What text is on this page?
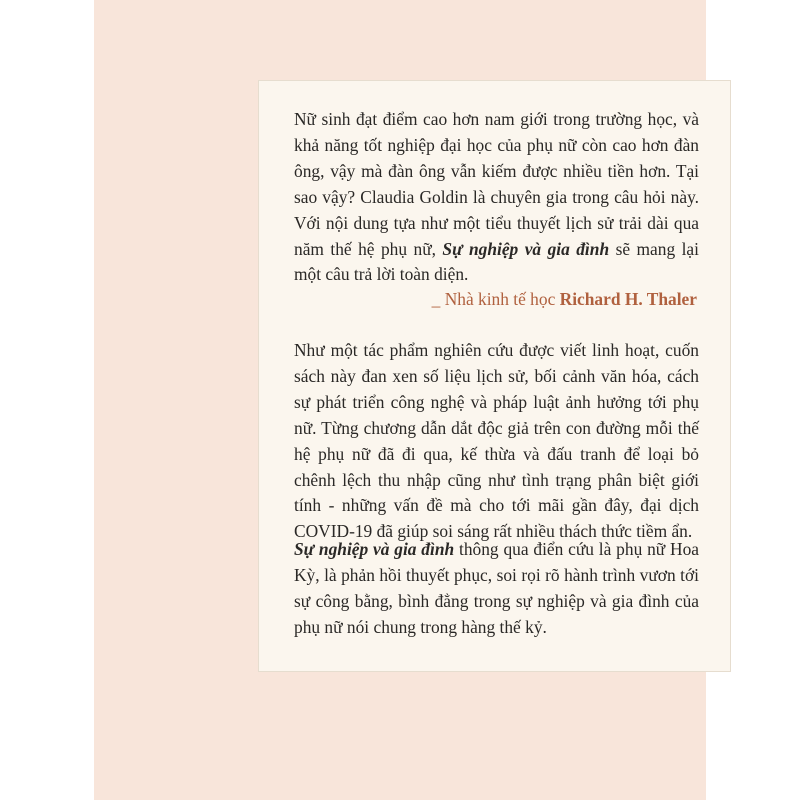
Nữ sinh đạt điểm cao hơn nam giới trong trường học, và khả năng tốt nghiệp đại học của phụ nữ còn cao hơn đàn ông, vậy mà đàn ông vẫn kiếm được nhiều tiền hơn. Tại sao vậy? Claudia Goldin là chuyên gia trong câu hỏi này. Với nội dung tựa như một tiểu thuyết lịch sử trải dài qua năm thế hệ phụ nữ, Sự nghiệp và gia đình sẽ mang lại một câu trả lời toàn diện.
_ Nhà kinh tế học Richard H. Thaler
Như một tác phẩm nghiên cứu được viết linh hoạt, cuốn sách này đan xen số liệu lịch sử, bối cảnh văn hóa, cách sự phát triển công nghệ và pháp luật ảnh hưởng tới phụ nữ. Từng chương dẫn dắt độc giả trên con đường mỗi thế hệ phụ nữ đã đi qua, kế thừa và đấu tranh để loại bỏ chênh lệch thu nhập cũng như tình trạng phân biệt giới tính - những vấn đề mà cho tới mãi gần đây, đại dịch COVID-19 đã giúp soi sáng rất nhiều thách thức tiềm ẩn.
Sự nghiệp và gia đình thông qua điển cứu là phụ nữ Hoa Kỳ, là phản hồi thuyết phục, soi rọi rõ hành trình vươn tới sự công bằng, bình đẳng trong sự nghiệp và gia đình của phụ nữ nói chung trong hàng thế kỷ.
